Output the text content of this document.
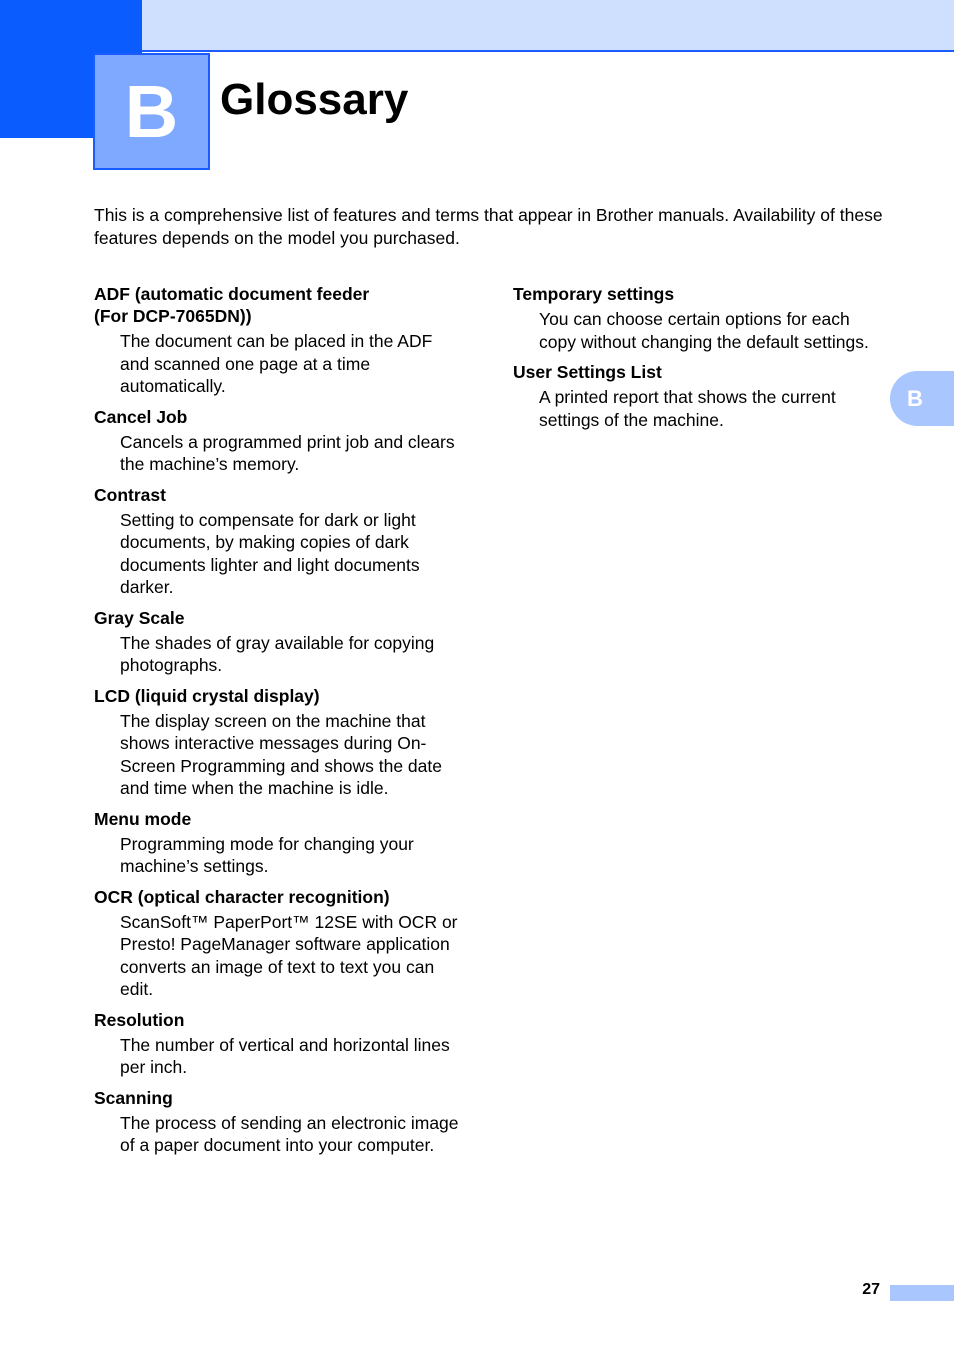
B Glossary

This is a comprehensive list of features and terms that appear in Brother manuals. Availability of these features depends on the model you purchased.

ADF (automatic document feeder (For DCP-7065DN))

The document can be placed in the ADF and scanned one page at a time automatically.

Cancel Job

Cancels a programmed print job and clears the machine’s memory.

Contrast

Setting to compensate for dark or light documents, by making copies of dark documents lighter and light documents darker.

Gray Scale

The shades of gray available for copying photographs.

LCD (liquid crystal display)

The display screen on the machine that shows interactive messages during On-Screen Programming and shows the date and time when the machine is idle.

Menu mode

Programming mode for changing your machine’s settings.

OCR (optical character recognition)

ScanSoft™ PaperPort™ 12SE with OCR or Presto! PageManager software application converts an image of text to text you can edit.

Resolution

The number of vertical and horizontal lines per inch.

Scanning

The process of sending an electronic image of a paper document into your computer.

Temporary settings

You can choose certain options for each copy without changing the default settings.

User Settings List

A printed report that shows the current settings of the machine.

B
27
